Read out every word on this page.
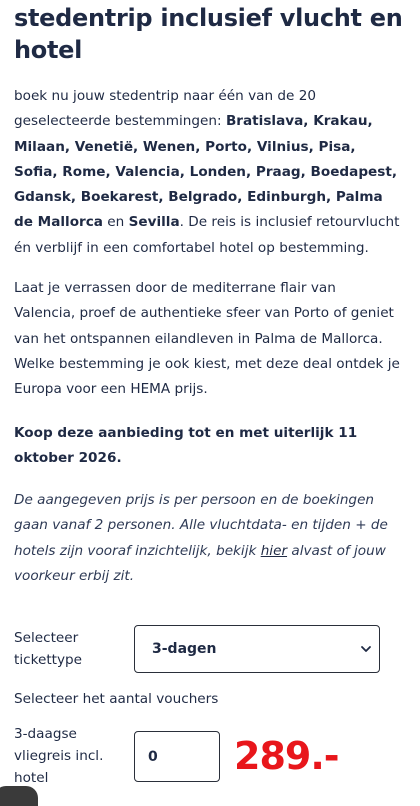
stedentrip inclusief vlucht en hotel

boek nu jouw stedentrip naar één van de 20 geselecteerde bestemmingen: Bratislava, Krakau, Milaan, Venetië, Wenen, Porto, Vilnius, Pisa, Sofia, Rome, Valencia, Londen, Praag, Boedapest, Gdansk, Boekarest, Belgrado, Edinburgh, Palma de Mallorca en Sevilla. De reis is inclusief retourvlucht én verblijf in een comfortabel hotel op bestemming.

Laat je verrassen door de mediterrane flair van Valencia, proef de authentieke sfeer van Porto of geniet van het ontspannen eilandleven in Palma de Mallorca. Welke bestemming je ook kiest, met deze deal ontdek je Europa voor een HEMA prijs.

Koop deze aanbieding tot en met uiterlijk 11 oktober 2026.

De aangegeven prijs is per persoon en de boekingen gaan vanaf 2 personen. Alle vluchtdata- en tijden + de hotels zijn vooraf inzichtelijk, bekijk hier alvast of jouw voorkeur erbij zit.

Selecteer tickettype
3-dagen
Selecteer het aantal vouchers
3-daagse vliegreis incl. hotel
0 289.-
